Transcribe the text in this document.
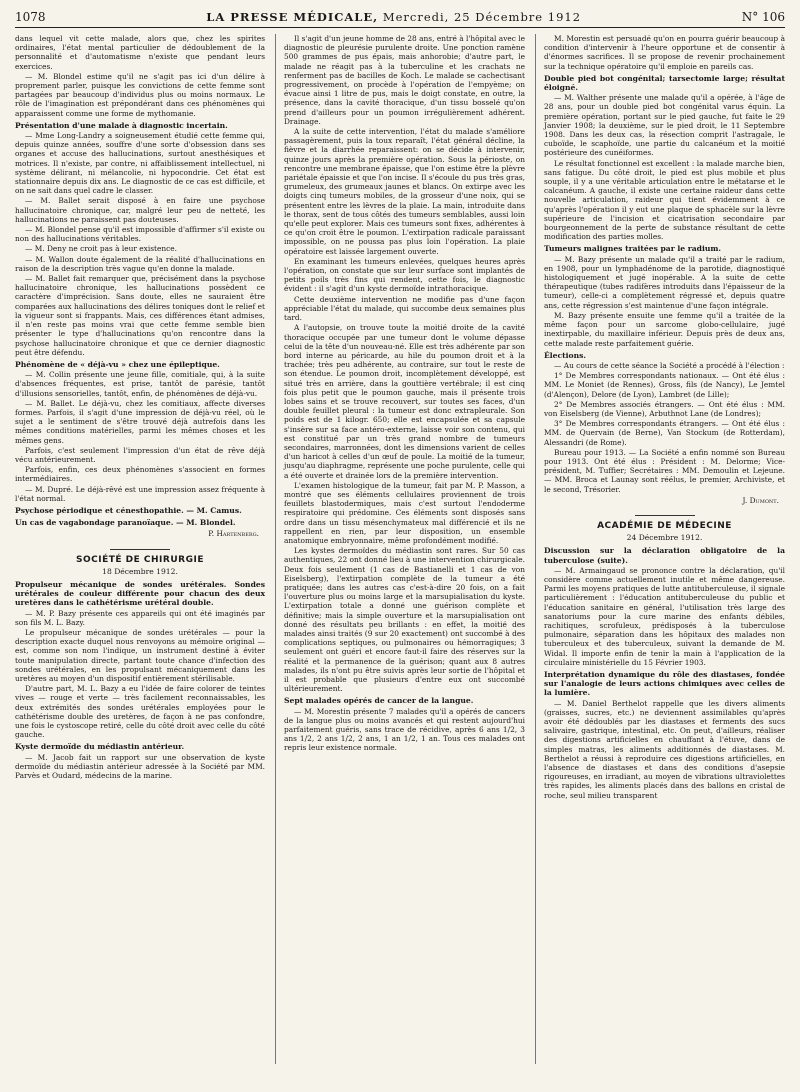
1078	LA PRESSE MÉDICALE, Mercredi, 25 Décembre 1912	N° 106

dans lequel vit cette malade, alors que, chez les spirites ordinaires, l'état mental particulier de dédoublement de la personnalité et d'automatisme n'existe que pendant leurs exercices.

— M. Blondel estime qu'il ne s'agit pas ici d'un délire à proprement parler, puisque les convictions de cette femme sont partagées par beaucoup d'individus plus ou moins normaux. Le rôle de l'imagination est prépondérant dans ces phénomènes qui apparaissent comme une forme de mythomanie.

Présentation d'une malade à diagnostic incertain.

— Mme Long-Landry a soigneusement étudié cette femme qui, depuis quinze années, souffre d'une sorte d'obsession dans ses organes et accuse des hallucinations, surtout anesthésiques et motrices. Il n'existe, par contre, ni affaiblissement intellectuel, ni système délirant, ni mélancolie, ni hypocondrie. Cet état est stationnaire depuis dix ans. Le diagnostic de ce cas est difficile, et on ne sait dans quel cadre le classer.

— M. Ballet serait disposé à en faire une psychose hallucinatoire chronique, car, malgré leur peu de netteté, les hallucinations ne paraissent pas douteuses.

— M. Blondel pense qu'il est impossible d'affirmer s'il existe ou non des hallucinations véritables.

— M. Deny ne croit pas à leur existence.

— M. Wallon doute également de la réalité d'hallucinations en raison de la description très vague qu'en donne la malade.

— M. Ballet fait remarquer que, précisément dans la psychose hallucinatoire chronique, les hallucinations possèdent ce caractère d'imprécision. Sans doute, elles ne sauraient être comparées aux hallucinations des délires toniques dont le relief et la vigueur sont si frappants. Mais, ces différences étant admises, il n'en reste pas moins vrai que cette femme semble bien présenter le type d'hallucinations qu'on rencontre dans la psychose hallucinatoire chronique et que ce dernier diagnostic peut être défendu.

Phénomène de « déjà-vu » chez une épileptique.

— M. Collin présente une jeune fille, comitiale, qui, à la suite d'absences fréquentes, est prise, tantôt de parésie, tantôt d'illusions sensorielles, tantôt, enfin, de phénomènes de déjà-vu.

— M. Ballet. Le déjà-vu, chez les comitiaux, affecte diverses formes. Parfois, il s'agit d'une impression de déjà-vu réel, où le sujet a le sentiment de s'être trouvé déjà autrefois dans les mêmes conditions matérielles, parmi les mêmes choses et les mêmes gens.

Parfois, c'est seulement l'impression d'un état de rêve déjà vécu antérieurement.

Parfois, enfin, ces deux phénomènes s'associent en formes intermédiaires.

— M. Dupré. Le déjà-rêvé est une impression assez fréquente à l'état normal.

Psychose périodique et cénesthopathie. — M. Camus.
Un cas de vagabondage paranoïaque. — M. Blondel.
P. Hartenberg.
SOCIÉTÉ DE CHIRURGIE
18 Décembre 1912.
Propulseur mécanique de sondes urétérales. Sondes urétérales de couleur différente pour chacun des deux uretères dans le cathétérisme urétéral double.

— M. P. Bazy présente ces appareils qui ont été imaginés par son fils M. L. Bazy.

Le propulseur mécanique de sondes urétérales — pour la description exacte duquel nous renvoyons au mémoire original — est, comme son nom l'indique, un instrument destiné à éviter toute manipulation directe, partant toute chance d'infection des sondes urétérales, en les propulsant mécaniquement dans les uretères au moyen d'un dispositif entièrement stérilisable.

D'autre part, M. L. Bazy a eu l'idée de faire colorer de teintes vives — rouge et verte — très facilement reconnaissables, les deux extrémités des sondes urétérales employées pour le cathétérisme double des uretères, de façon à ne pas confondre, une fois le cystoscope retiré, celle du côté droit avec celle du côté gauche.

Kyste dermoïde du médiastin antérieur.

— M. Jacob fait un rapport sur une observation de kyste dermoïde du médiastin antérieur adressée à la Société par MM. Parvès et Oudard, médecins de la marine.

Il s'agit d'un jeune homme de 28 ans, entré à l'hôpital avec le diagnostic de pleurésie purulente droite. Une ponction ramène 500 grammes de pus épais, mais anhorobie; d'autre part, le malade ne réagit pas à la tuberculine et les crachats ne renferment pas de bacilles de Koch. Le malade se cachectisant progressivement, on procède à l'opération de l'empyème; on évacue ainsi 1 litre de pus, mais le doigt constate, en outre, la présence, dans la cavité thoracique, d'un tissu bosselé qu'on prend d'ailleurs pour un poumon irrégulièrement adhérent. Drainage.

A la suite de cette intervention, l'état du malade s'améliore passagèrement, puis la toux reparaît, l'état général décline, la fièvre et la diarrhée reparaissent: on se décide à intervenir, quinze jours après la première opération. Sous la périoste, on rencontre une membrane épaisse, que l'on estime être la plèvre pariétale épaissie et que l'on incise. Il s'écoule du pus très gras, grumeleux, des grumeaux jaunes et blancs. On extirpe avec les doigts cinq tumeurs mobiles, de la grosseur d'une noix, qui se présentent entre les lèvres de la plaie. La main, introduite dans le thorax, sent de tous côtés des tumeurs semblables, aussi loin qu'elle peut explorer. Mais ces tumeurs sont fixes, adhérentes à ce qu'on croit être le poumon. L'extirpation radicale paraissant impossible, on ne poussa pas plus loin l'opération. La plaie opératoire est laissée largement ouverte.

En examinant les tumeurs enlevées, quelques heures après l'opération, on constate que sur leur surface sont implantés de petits poils très fins qui rendent, cette fois, le diagnostic évident : il s'agit d'un kyste dermoïde intrathoracique.

Cette deuxième intervention ne modifie pas d'une façon appréciable l'état du malade, qui succombe deux semaines plus tard.

A l'autopsie, on trouve toute la moitié droite de la cavité thoracique occupée par une tumeur dont le volume dépasse celui de la tête d'un nouveau-né. Elle est très adhérente par son bord interne au péricarde, au hile du poumon droit et à la trachée; très peu adhérente, au contraire, sur tout le reste de son étendue. Le poumon droit, incomplètement développé, est situé très en arrière, dans la gouttière vertébrale; il est cinq fois plus petit que le poumon gauche, mais il présente trois lobes sains et se trouve recouvert, sur toutes ses faces, d'un double feuillet pleural : la tumeur est donc extrapleurale. Son poids est de 1 kilogr. 650; elle est encapsulée et sa capsule s'insère sur sa face antéro-externe, laisse voir son contenu, qui est constitué par un très grand nombre de tumeurs secondaires, marronnées, dont les dimensions varient de celles d'un haricot à celles d'un œuf de poule. La moitié de la tumeur, jusqu'au diaphragme, représente une poche purulente, celle qui a été ouverte et drainée lors de la première intervention.

L'examen histologique de la tumeur, fait par M. P. Masson, a montré que ses éléments cellulaires proviennent de trois feuillets blastodermiques, mais c'est surtout l'endoderme respiratoire qui prédomine. Ces éléments sont disposés sans ordre dans un tissu mésenchymateux mal différencié et ils ne rappellent en rien, par leur disposition, un ensemble anatomique embryonnaire, même profondément modifié.

Les kystes dermoïdes du médiastin sont rares. Sur 50 cas authentiques, 22 ont donné lieu à une intervention chirurgicale. Deux fois seulement (1 cas de Bastianelli et 1 cas de von Eiselsberg), l'extirpation complète de la tumeur a été pratiquée; dans les autres cas c'est-à-dire 20 fois, on a fait l'ouverture plus ou moins large et la marsupialisation du kyste. L'extirpation totale a donné une guérison complète et définitive; mais la simple ouverture et la marsupialisation ont donné des résultats peu brillants : en effet, la moitié des malades ainsi traités (9 sur 20 exactement) ont succombé à des complications septiques, ou pulmonaires ou hémorragiques; 3 seulement ont guéri et encore faut-il faire des réserves sur la réalité et la permanence de la guérison; quant aux 8 autres malades, ils n'ont pu être suivis après leur sortie de l'hôpital et il est probable que plusieurs d'entre eux ont succombé ultérieurement.

Sept malades opérés de cancer de la langue.

— M. Morestin présente 7 malades qu'il a opérés de cancers de la langue plus ou moins avancés et qui restent aujourd'hui parfaitement guéris, sans trace de récidive, après 6 ans 1/2, 3 ans 1/2, 2 ans 1/2, 2 ans, 1 an 1/2, 1 an. Tous ces malades ont repris leur existence normale.

M. Morestin est persuadé qu'on en pourra guérir beaucoup à condition d'intervenir à l'heure opportune et de consentir à d'énormes sacrifices. Il se propose de revenir prochainement sur la technique opératoire qu'il emploie en pareils cas.

Double pied bot congénital; tarsectomie large; résultat éloigné.

— M. Walther présente une malade qu'il a opérée, à l'âge de 28 ans, pour un double pied bot congénital varus équin. La première opération, portant sur le pied gauche, fut faite le 29 Janvier 1908; la deuxième, sur le pied droit, le 11 Septembre 1908. Dans les deux cas, la résection comprit l'astragale, le cuboïde, le scaphoïde, une partie du calcanéum et la moitié postérieure des cunéiformes.

Le résultat fonctionnel est excellent : la malade marche bien, sans fatigue. Du côté droit, le pied est plus mobile et plus souple, il y a une véritable articulation entre le métatarse et le calcanéum. A gauche, il existe une certaine raideur dans cette nouvelle articulation, raideur qui tient évidemment à ce qu'après l'opération il y eut une plaque de sphacèle sur la lèvre supérieure de l'incision et cicatrisation secondaire par bourgeonnement de la perte de substance résultant de cette modification des parties molles.

Tumeurs malignes traitées par le radium.

— M. Bazy présente un malade qu'il a traité par le radium, en 1908, pour un lymphadénome de la parotide, diagnostiqué histologiquement et jugé inopérable. A la suite de cette thérapeutique (tubes radifères introduits dans l'épaisseur de la tumeur), celle-ci a complètement régressé et, depuis quatre ans, cette régression s'est maintenue d'une façon intégrale.

M. Bazy présente ensuite une femme qu'il a traitée de la même façon pour un sarcome globo-cellulaire, jugé inextirpable, du maxillaire inférieur. Depuis près de deux ans, cette malade reste parfaitement guérie.

Élections.

— Au cours de cette séance la Société a procédé à l'élection :

1° De Membres correspondants nationaux. — Ont été élus : MM. Le Moniet (de Rennes), Gross, fils (de Nancy), Le Jemtel (d'Alençon), Delore (de Lyon), Lambret (de Lille);

2° De Membres associés étrangers. — Ont été élus : MM. von Eiselsberg (de Vienne), Arbuthnot Lane (de Londres);

3° De Membres correspondants étrangers. — Ont été élus : MM. de Quervain (de Berne), Van Stockum (de Rotterdam), Alessandri (de Rome).

Bureau pour 1913. — La Société a enfin nommé son Bureau pour 1913. Ont été élus : Président : M. Delorme; Vice-président, M. Tuffier; Secrétaires : MM. Demoulin et Lejeune. — MM. Broca et Launay sont réélus, le premier, Archiviste, et le second, Trésorier.

J. Dumont.
ACADÉMIE DE MÉDECINE
24 Décembre 1912.
Discussion sur la déclaration obligatoire de la tuberculose (suite).

— M. Armaingaud se prononce contre la déclaration, qu'il considère comme actuellement inutile et même dangereuse. Parmi les moyens pratiques de lutte antituberculeuse, il signale particulièrement : l'éducation antituberculeuse du public et l'éducation sanitaire en général, l'utilisation très large des sanatoriums pour la cure marine des enfants débiles, rachitiques, scrofuleux, prédisposés à la tuberculose pulmonaire, séparation dans les hôpitaux des malades non tuberculeux et des tuberculeux, suivant la demande de M. Widal. Il importe enfin de tenir la main à l'application de la circulaire ministérielle du 15 Février 1903.

Interprétation dynamique du rôle des diastases, fondée sur l'analogie de leurs actions chimiques avec celles de la lumière.

— M. Daniel Berthelot rappelle que les divers aliments (graisses, sucres, etc.) ne deviennent assimilables qu'après avoir été dédoublés par les diastases et ferments des sucs salivaire, gastrique, intestinal, etc. On peut, d'ailleurs, réaliser des digestions artificielles en chauffant à l'étuve, dans de simples matras, les aliments additionnés de diastases. M. Berthelot a réussi à reproduire ces digestions artificielles, en l'absence de diastases et dans des conditions d'asepsie rigoureuses, en irradiant, au moyen de vibrations ultraviolettes très rapides, les aliments placés dans des ballons en cristal de roche, seul milieu transparent
